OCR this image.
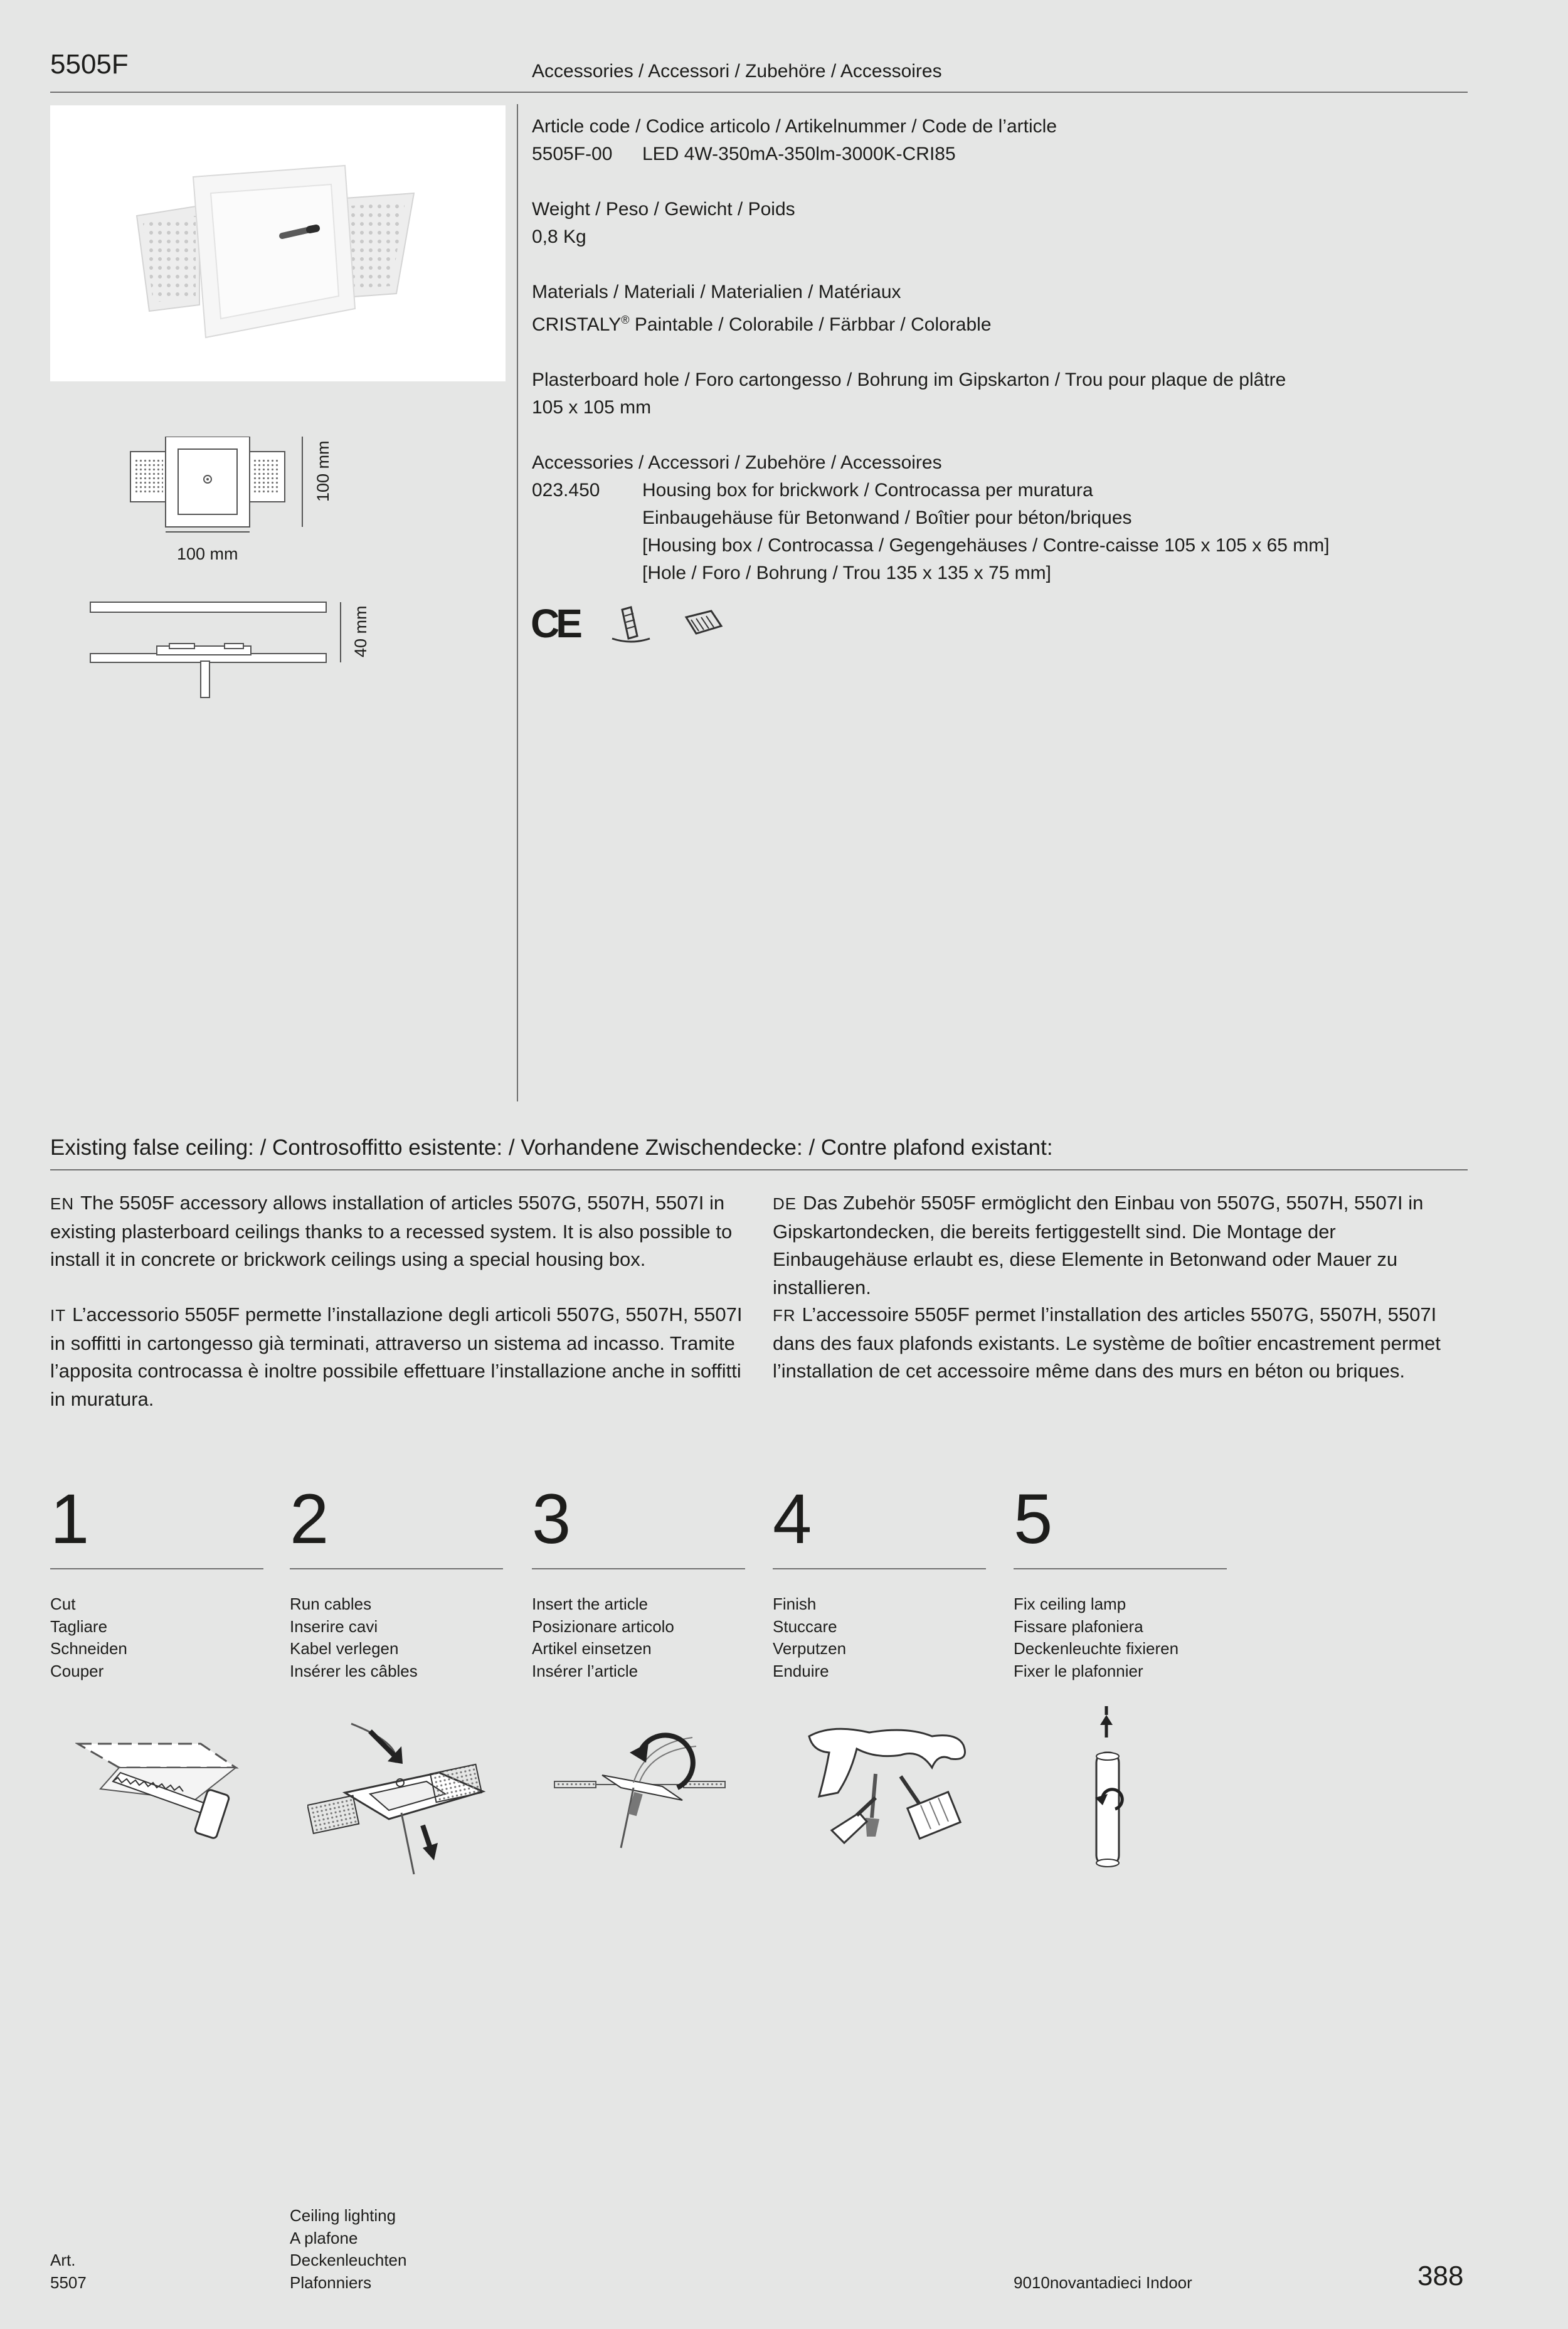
5505F	Accessories / Accessori / Zubehöre / Accessoires
100 mm
100 mm
40 mm
Article code / Codice articolo / Artikelnummer / Code de l’article
5505F-00	LED 4W-350mA-350lm-3000K-CRI85
Weight / Peso / Gewicht / Poids
0,8 Kg
Materials / Materiali / Materialien / Matériaux
CRISTALY® Paintable / Colorabile / Färbbar / Colorable
Plasterboard hole / Foro cartongesso / Bohrung im Gipskarton / Trou pour plaque de plâtre
105 x 105 mm
Accessories / Accessori / Zubehöre / Accessoires
023.450	Housing box for brickwork / Controcassa per muratura
Einbaugehäuse für Betonwand / Boîtier pour béton/briques
[Housing box / Controcassa / Gegengehäuses / Contre-caisse 105 x 105 x 65 mm]
[Hole / Foro / Bohrung / Trou 135 x 135 x 75 mm]
CE
Existing false ceiling: / Controsoffitto esistente: / Vorhandene Zwischendecke: / Contre plafond existant:
EN The 5505F accessory allows installation of articles 5507G, 5507H, 5507I in existing plasterboard ceilings thanks to a recessed system. It is also possible to install it in concrete or brickwork ceilings using a special housing box.
IT L’accessorio 5505F permette l’installazione degli articoli 5507G, 5507H, 5507I in soffitti in cartongesso già terminati, attraverso un sistema ad incasso. Tramite l’apposita controcassa è inoltre possibile effettuare l’installazione anche in soffitti in muratura.
DE Das Zubehör 5505F ermöglicht den Einbau von 5507G, 5507H, 5507I in Gipskartondecken, die bereits fertiggestellt sind. Die Montage der Einbaugehäuse erlaubt es, diese Elemente in Betonwand oder Mauer zu installieren.
FR L’accessoire 5505F permet l’installation des articles 5507G, 5507H, 5507I dans des faux plafonds existants. Le système de boîtier encastrement permet l’installation de cet accessoire même dans des murs en béton ou briques.
1
Cut
Tagliare
Schneiden
Couper
2
Run cables
Inserire cavi
Kabel verlegen
Insérer les câbles
3
Insert the article
Posizionare articolo
Artikel einsetzen
Insérer l’article
4
Finish
Stuccare
Verputzen
Enduire
5
Fix ceiling lamp
Fissare plafoniera
Deckenleuchte fixieren
Fixer le plafonnier
Art.
5507
Ceiling lighting
A plafone
Deckenleuchten
Plafonniers	9010novantadieci Indoor	388
